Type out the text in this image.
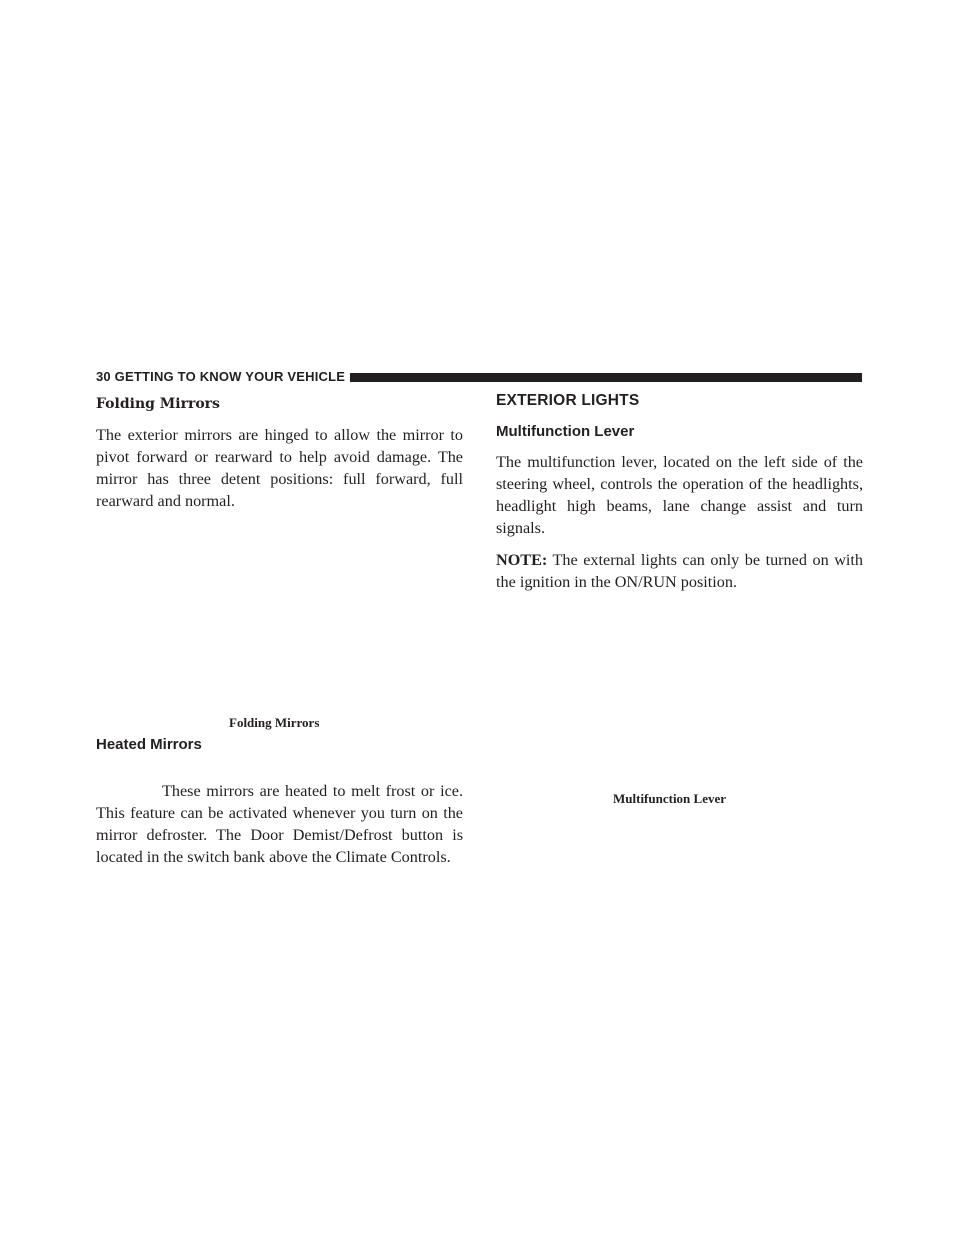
30 GETTING TO KNOW YOUR VEHICLE
Folding Mirrors

The exterior mirrors are hinged to allow the mirror to pivot forward or rearward to help avoid damage. The mirror has three detent positions: full forward, full rearward and normal.

Folding Mirrors
Heated Mirrors

These mirrors are heated to melt frost or ice. This feature can be activated whenever you turn on the mirror defroster. The Door Demist/Defrost button is located in the switch bank above the Climate Controls.

EXTERIOR LIGHTS
Multifunction Lever

The multifunction lever, located on the left side of the steering wheel, controls the operation of the headlights, headlight high beams, lane change assist and turn signals.

NOTE: The external lights can only be turned on with the ignition in the ON/RUN position.

Multifunction Lever
